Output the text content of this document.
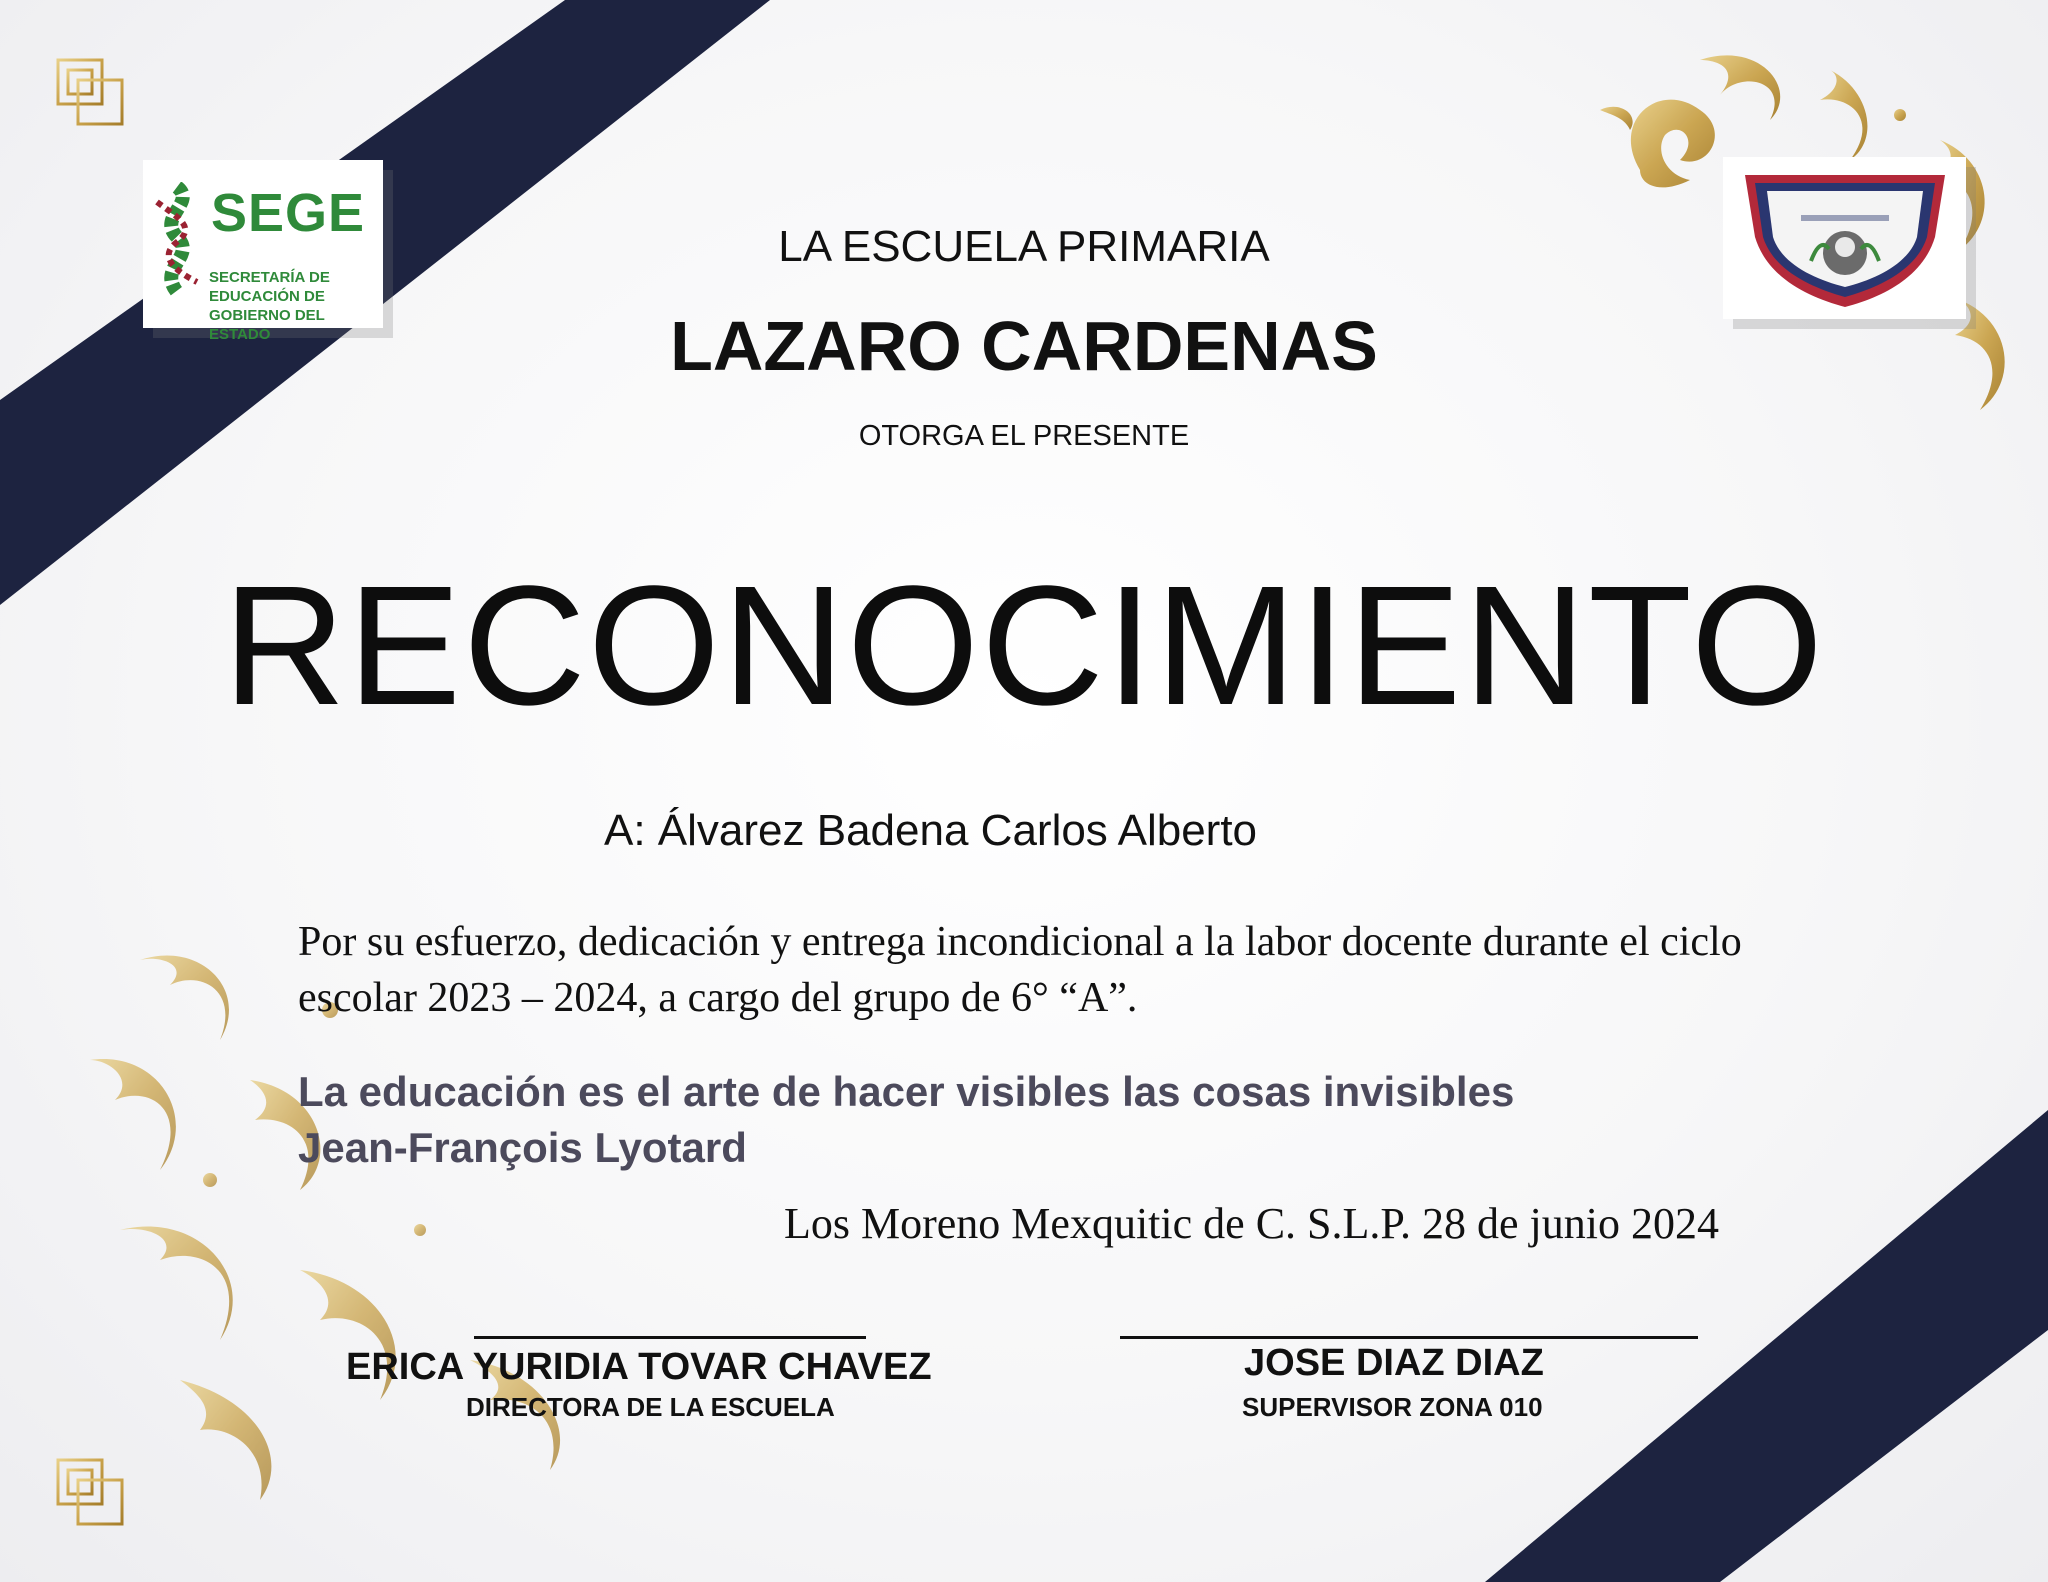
SEGE
SECRETARÍA DE EDUCACIÓN DE GOBIERNO DEL ESTADO
LA ESCUELA PRIMARIA
LAZARO CARDENAS
OTORGA EL PRESENTE
RECONOCIMIENTO
A: Álvarez Badena Carlos Alberto
Por su esfuerzo, dedicación y entrega incondicional a la labor docente durante el ciclo escolar 2023 – 2024, a cargo del grupo de 6° “A”.
La educación es el arte de hacer visibles las cosas invisibles
Jean-François Lyotard
Los Moreno Mexquitic de C. S.L.P. 28 de junio 2024
ERICA YURIDIA TOVAR CHAVEZ
DIRECTORA DE LA ESCUELA
JOSE DIAZ DIAZ
SUPERVISOR ZONA 010
